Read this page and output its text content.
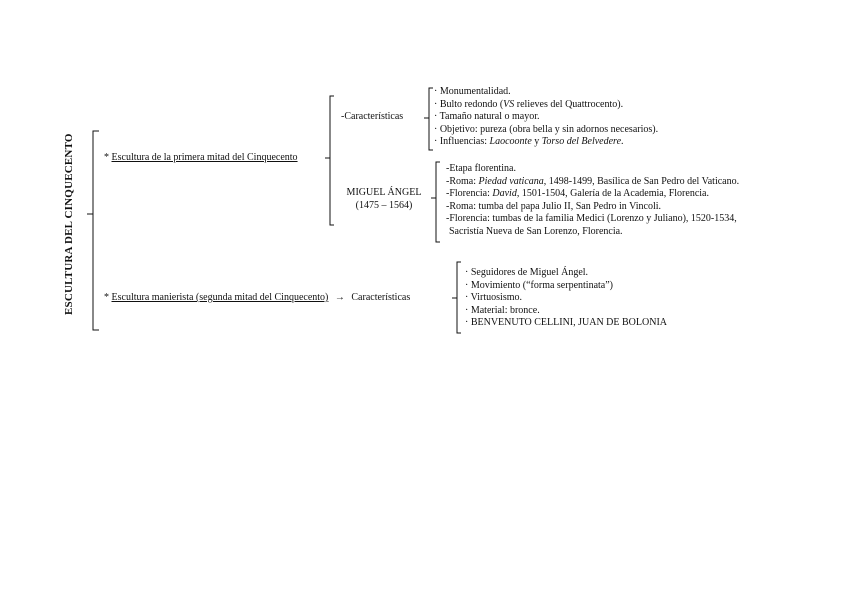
ESCULTURA DEL CINQUECENTO	* Escultura de la primera mitad del Cinquecento
-Características
· Monumentalidad.
· Bulto redondo (VS relieves del Quattrocento).
· Tamaño natural o mayor.
· Objetivo: pureza (obra bella y sin adornos necesarios).
· Influencias: Laocoonte y Torso del Belvedere.
MIGUEL ÁNGEL
(1475 – 1564)
-Etapa florentina.
-Roma: Piedad vaticana, 1498-1499, Basílica de San Pedro del Vaticano.
-Florencia: David, 1501-1504, Galería de la Academia, Florencia.
-Roma: tumba del papa Julio II, San Pedro in Vincoli.
-Florencia: tumbas de la familia Medici (Lorenzo y Juliano), 1520-1534,
Sacristía Nueva de San Lorenzo, Florencia.
* Escultura manierista (segunda mitad del Cinquecento) → Características
· Seguidores de Miguel Ángel.
· Movimiento (“forma serpentinata”)
· Virtuosismo.
· Material: bronce.
· BENVENUTO CELLINI, JUAN DE BOLONIA
